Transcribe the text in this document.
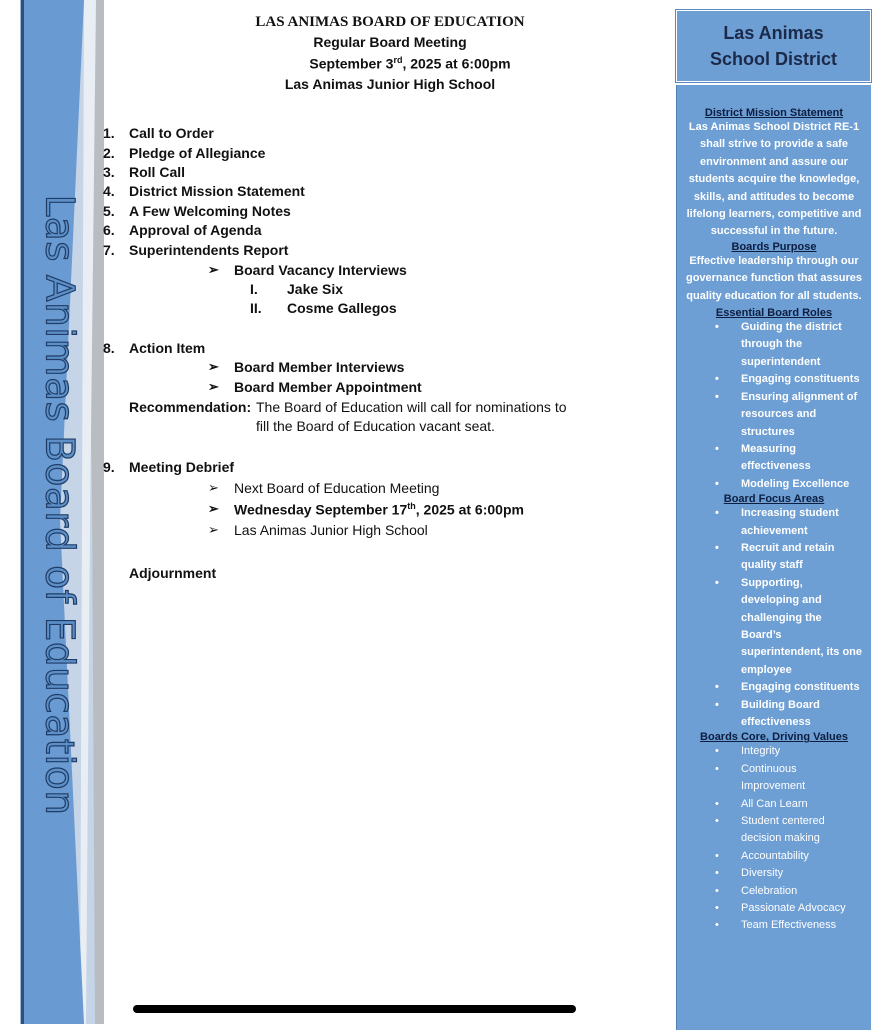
Las Animas Board of Education
LAS ANIMAS BOARD OF EDUCATION
Regular Board Meeting
September 3rd, 2025 at 6:00pm
Las Animas Junior High School
1. Call to Order
2. Pledge of Allegiance
3. Roll Call
4. District Mission Statement
5. A Few Welcoming Notes
6. Approval of Agenda
7. Superintendents Report
➢ Board Vacancy Interviews
I. Jake Six
II. Cosme Gallegos
8. Action Item
➢ Board Member Interviews
➢ Board Member Appointment
Recommendation: The Board of Education will call for nominations to
fill the Board of Education vacant seat.
9. Meeting Debrief
➢ Next Board of Education Meeting
➢ Wednesday September 17th, 2025 at 6:00pm
➢ Las Animas Junior High School
Adjournment
Las Animas School District
District Mission Statement
Las Animas School District RE-1 shall strive to provide a safe environment and assure our students acquire the knowledge, skills, and attitudes to become lifelong learners, competitive and successful in the future.
Boards Purpose
Effective leadership through our governance function that assures quality education for all students.
Essential Board Roles
• Guiding the district through the superintendent
• Engaging constituents
• Ensuring alignment of resources and structures
• Measuring effectiveness
• Modeling Excellence
Board Focus Areas
• Increasing student achievement
• Recruit and retain quality staff
• Supporting, developing and challenging the Board’s superintendent, its one employee
• Engaging constituents
• Building Board effectiveness
Boards Core, Driving Values
• Integrity
• Continuous Improvement
• All Can Learn
• Student centered decision making
• Accountability
• Diversity
• Celebration
• Passionate Advocacy
• Team Effectiveness
